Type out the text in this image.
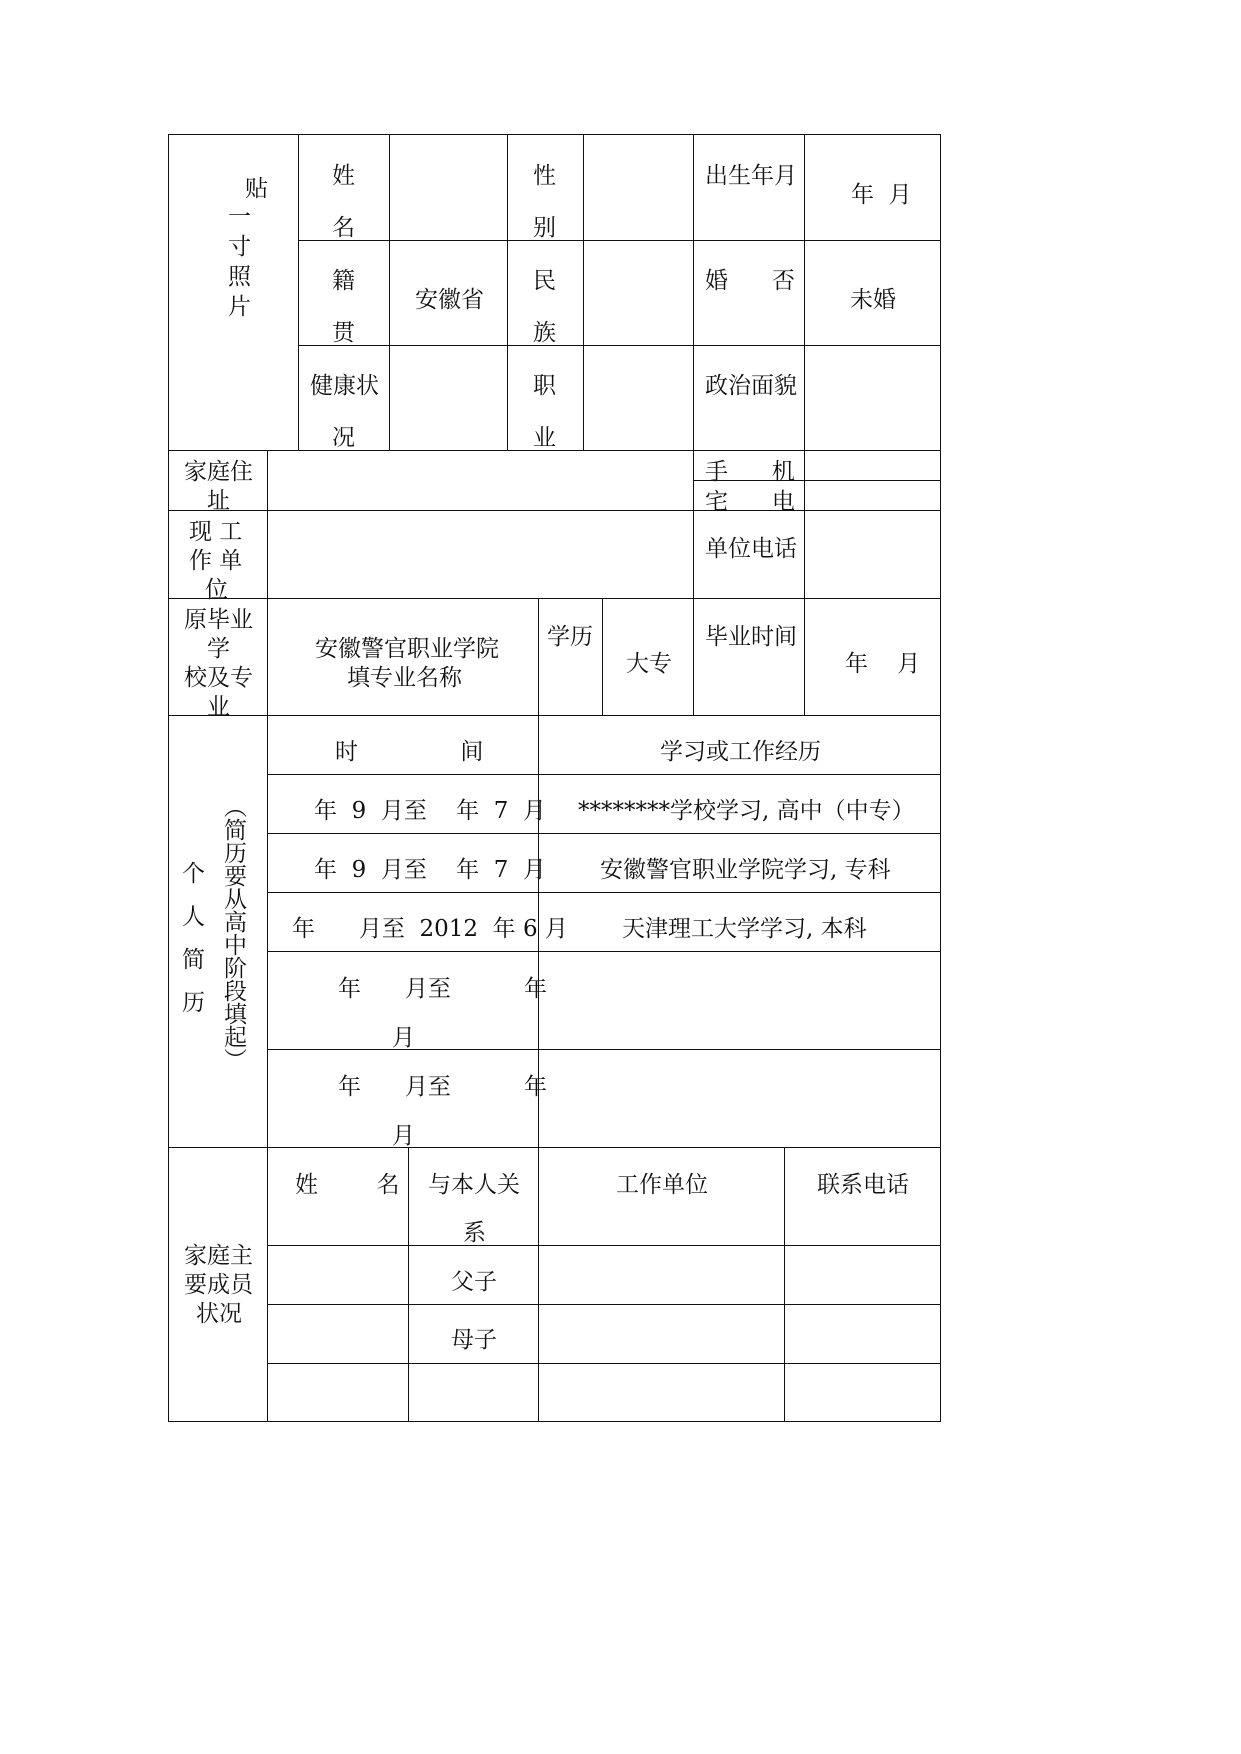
贴
一
寸
照
片
姓
名
性
别
出生年月
年  月
籍
贯
安徽省
民
族
婚      否
未婚
健康状
况
职
业
政治面貌
家庭住
址
手      机
宅      电
现 工
作 单
位
单位电话
原毕业
学
校及专
业
安徽警官职业学院
填专业名称
学历
大专
毕业时间
年    月
个
人
简
历 （简历要从高中阶段填起）
时              间	学习或工作经历
年  9  月至    年  7  月 ********学校学习, 高中（中专）
年  9  月至    年  7  月 安徽警官职业学院学习, 专科
年      月至  2012  年 6 月 天津理工大学学习, 本科
年      月至          年
月
年      月至          年
月
家庭主
要成员
状况
姓        名 与本人关
系
工作单位	联系电话
父子
母子
